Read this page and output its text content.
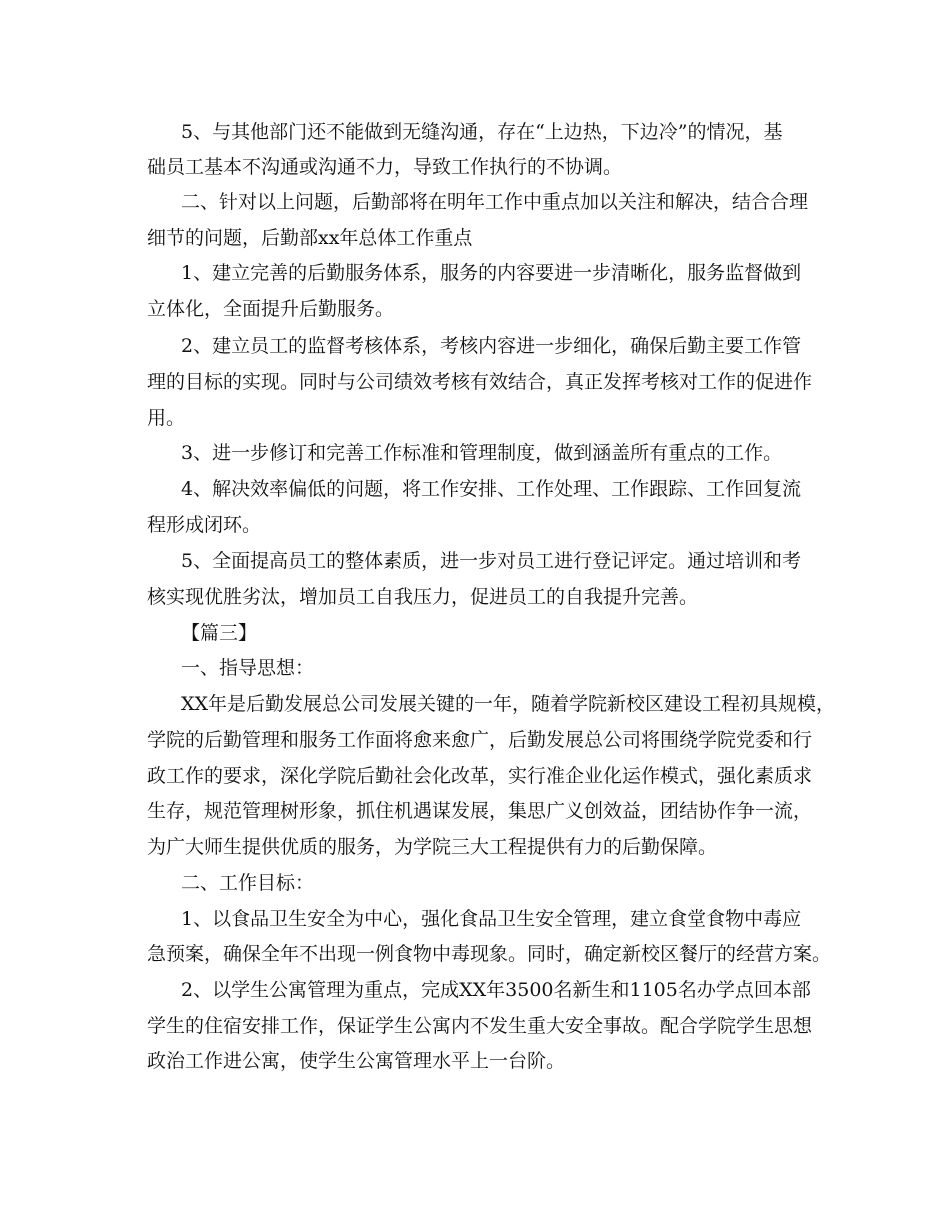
5、与其他部门还不能做到无缝沟通，存在“上边热，下边冷”的情况，基
础员工基本不沟通或沟通不力，导致工作执行的不协调。
二、针对以上问题，后勤部将在明年工作中重点加以关注和解决，结合合理
细节的问题，后勤部xx年总体工作重点
1、建立完善的后勤服务体系，服务的内容要进一步清晰化，服务监督做到
立体化，全面提升后勤服务。
2、建立员工的监督考核体系，考核内容进一步细化，确保后勤主要工作管
理的目标的实现。同时与公司绩效考核有效结合，真正发挥考核对工作的促进作
用。
3、进一步修订和完善工作标准和管理制度，做到涵盖所有重点的工作。
4、解决效率偏低的问题，将工作安排、工作处理、工作跟踪、工作回复流
程形成闭环。
5、全面提高员工的整体素质，进一步对员工进行登记评定。通过培训和考
核实现优胜劣汰，增加员工自我压力，促进员工的自我提升完善。
【篇三】
一、指导思想：
XX年是后勤发展总公司发展关键的一年，随着学院新校区建设工程初具规模，
学院的后勤管理和服务工作面将愈来愈广，后勤发展总公司将围绕学院党委和行
政工作的要求，深化学院后勤社会化改革，实行准企业化运作模式，强化素质求
生存，规范管理树形象，抓住机遇谋发展，集思广义创效益，团结协作争一流，
为广大师生提供优质的服务，为学院三大工程提供有力的后勤保障。
二、工作目标：
1、以食品卫生安全为中心，强化食品卫生安全管理，建立食堂食物中毒应
急预案，确保全年不出现一例食物中毒现象。同时，确定新校区餐厅的经营方案。
2、以学生公寓管理为重点，完成XX年3500名新生和1105名办学点回本部
学生的住宿安排工作，保证学生公寓内不发生重大安全事故。配合学院学生思想
政治工作进公寓，使学生公寓管理水平上一台阶。
